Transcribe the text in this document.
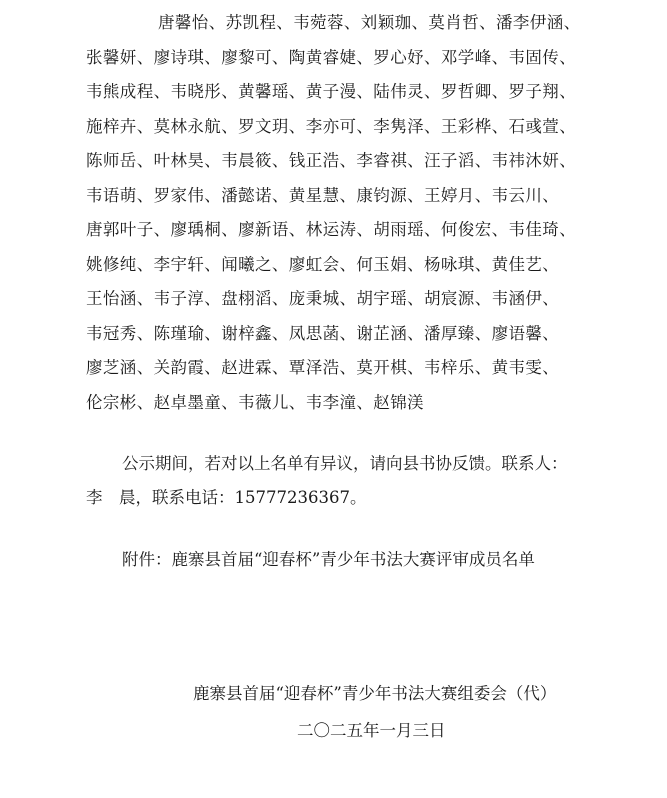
唐馨怡、苏凯程、韦菀蓉、刘颖珈、莫肖哲、潘李伊涵、
张馨妍、廖诗琪、廖黎可、陶黄睿婕、罗心妤、邓学峰、韦固传、
韦熊成程、韦晓彤、黄馨瑶、黄子漫、陆伟灵、罗哲卿、罗子翔、
施梓卉、莫林永航、罗文玥、李亦可、李隽泽、王彩桦、石彧萱、
陈师岳、叶林昊、韦晨筱、钱正浩、李睿祺、汪子滔、韦祎沐妍、
韦语萌、罗家伟、潘懿诺、黄星慧、康钧源、王婷月、韦云川、
唐郭叶子、廖瑀桐、廖新语、林运涛、胡雨瑶、何俊宏、韦佳琦、
姚修纯、李宇轩、闻曦之、廖虹会、何玉娟、杨咏琪、黄佳艺、
王怡涵、韦子淳、盘栩滔、庞秉城、胡宇瑶、胡宸源、韦涵伊、
韦冠秀、陈瑾瑜、谢梓鑫、凤思菡、谢芷涵、潘厚臻、廖语馨、
廖芝涵、关韵霞、赵进霖、覃泽浩、莫开棋、韦梓乐、黄韦雯、
伦宗彬、赵卓墨童、韦薇儿、韦李潼、赵锦渼
公示期间，若对以上名单有异议，请向县书协反馈。联系人：
李　晨，联系电话：15777236367。
附件：鹿寨县首届“迎春杯”青少年书法大赛评审成员名单
鹿寨县首届“迎春杯”青少年书法大赛组委会（代）
二〇二五年一月三日
